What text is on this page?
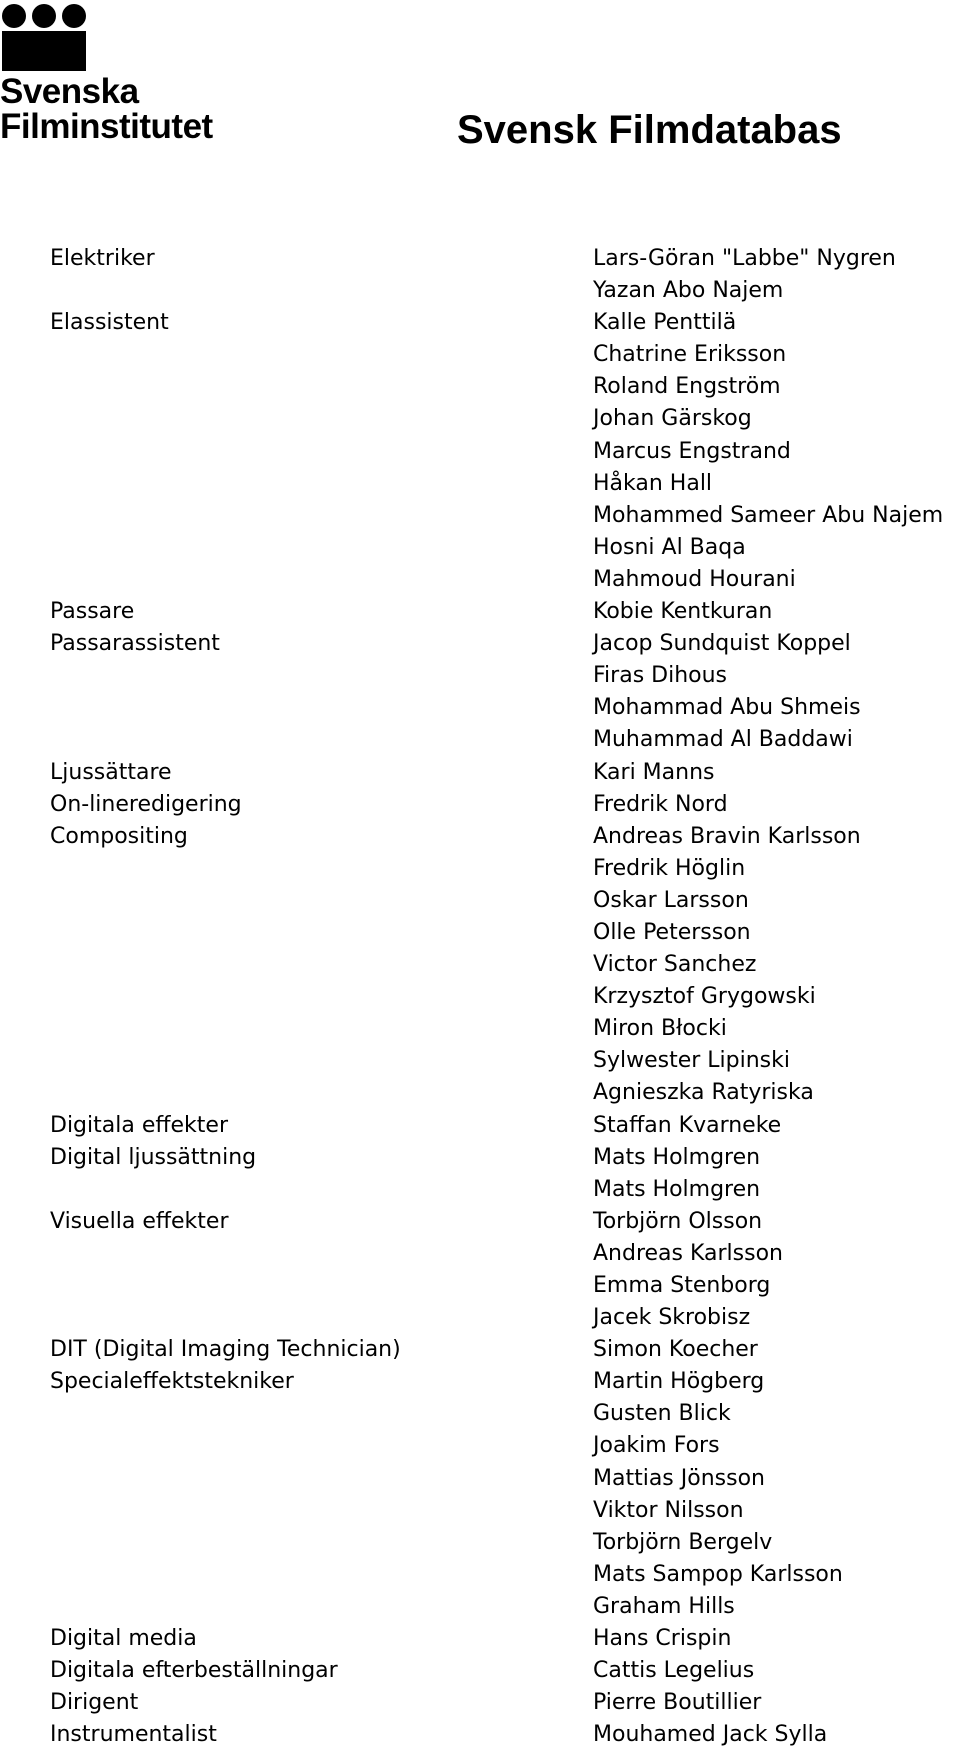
Svenska
Filminstitutet	Svensk Filmdatabas
Elektriker	Lars-Göran "Labbe" Nygren
Yazan Abo Najem
Elassistent	Kalle Penttilä
Chatrine Eriksson
Roland Engström
Johan Gärskog
Marcus Engstrand
Håkan Hall
Mohammed Sameer Abu Najem
Hosni Al Baqa
Mahmoud Hourani
Passare	Kobie Kentkuran
Passarassistent	Jacop Sundquist Koppel
Firas Dihous
Mohammad Abu Shmeis
Muhammad Al Baddawi
Ljussättare	Kari Manns
On-lineredigering	Fredrik Nord
Compositing	Andreas Bravin Karlsson
Fredrik Höglin
Oskar Larsson
Olle Petersson
Victor Sanchez
Krzysztof Grygowski
Miron Błocki
Sylwester Lipinski
Agnieszka Ratyriska
Digitala effekter	Staffan Kvarneke
Digital ljussättning	Mats Holmgren
Mats Holmgren
Visuella effekter	Torbjörn Olsson
Andreas Karlsson
Emma Stenborg
Jacek Skrobisz
DIT (Digital Imaging Technician)	Simon Koecher
Specialeffektstekniker	Martin Högberg
Gusten Blick
Joakim Fors
Mattias Jönsson
Viktor Nilsson
Torbjörn Bergelv
Mats Sampop Karlsson
Graham Hills
Digital media	Hans Crispin
Digitala efterbeställningar	Cattis Legelius
Dirigent	Pierre Boutillier
Instrumentalist	Mouhamed Jack Sylla
